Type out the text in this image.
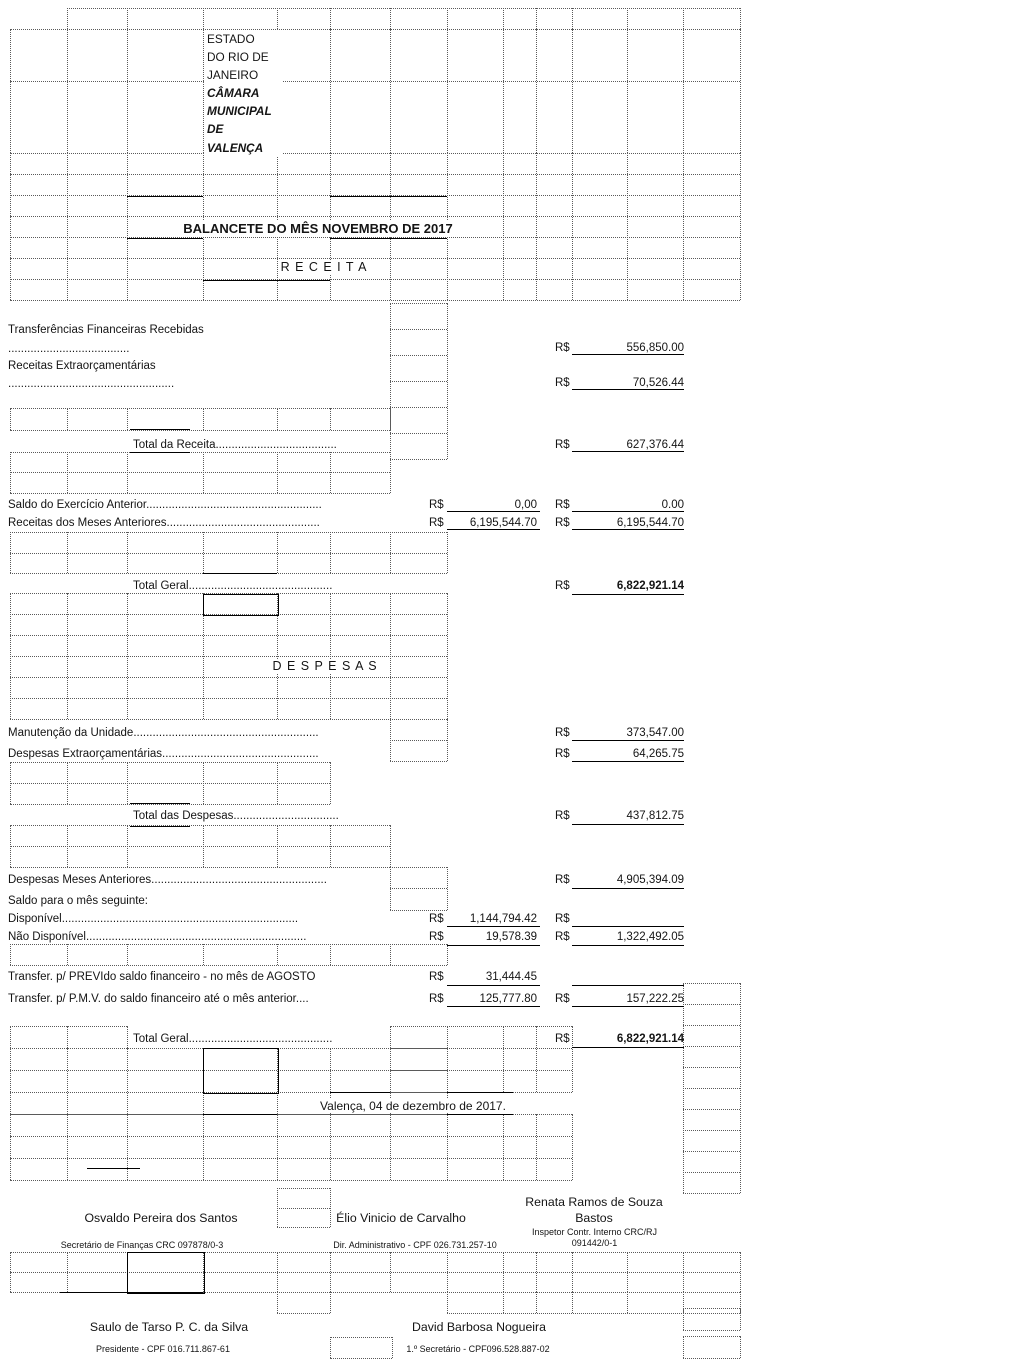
ESTADO
DO RIO DE
JANEIRO
CÂMARA
MUNICIPAL
DE
VALENÇA
BALANCETE DO MÊS NOVEMBRO DE 2017
R E C E I T A
Transferências Financeiras Recebidas
......................................	R$	556,850.00
Receitas Extraorçamentárias
....................................................	R$	70,526.44
Total da Receita......................................	R$	627,376.44
Saldo do Exercício Anterior.......................................................	R$	0,00 R$	0.00
Receitas dos Meses Anteriores................................................	R$	6,195,544.70 R$	6,195,544.70
Total Geral.............................................	R$	6,822,921.14
D E S P E S A S
Manutenção da Unidade..........................................................	R$	373,547.00
Despesas Extraorçamentárias.................................................	R$	64,265.75
Total das Despesas.................................	R$	437,812.75
Despesas Meses Anteriores.......................................................	R$	4,905,394.09
Saldo para o mês seguinte:
Disponível..........................................................................	R$	1,144,794.42 R$
Não Disponível.....................................................................	R$	19,578.39 R$	1,322,492.05
Transfer. p/ PREVIdo saldo financeiro - no mês de AGOSTO	R$	31,444.45
Transfer. p/ P.M.V. do saldo financeiro até o mês anterior....	R$	125,777.80 R$	157,222.25
Total Geral.............................................	R$	6,822,921.14
Valença, 04 de dezembro de 2017.
Osvaldo Pereira dos Santos
Secretário de Finanças CRC 097878/0-3
Élio Vinicio de Carvalho
Dir. Administrativo - CPF 026.731.257-10
Renata Ramos de Souza Bastos
Inspetor Contr. Interno CRC/RJ 091442/0-1
Saulo de Tarso P. C. da Silva
Presidente - CPF 016.711.867-61
David Barbosa Nogueira
1.º Secretário - CPF096.528.887-02
